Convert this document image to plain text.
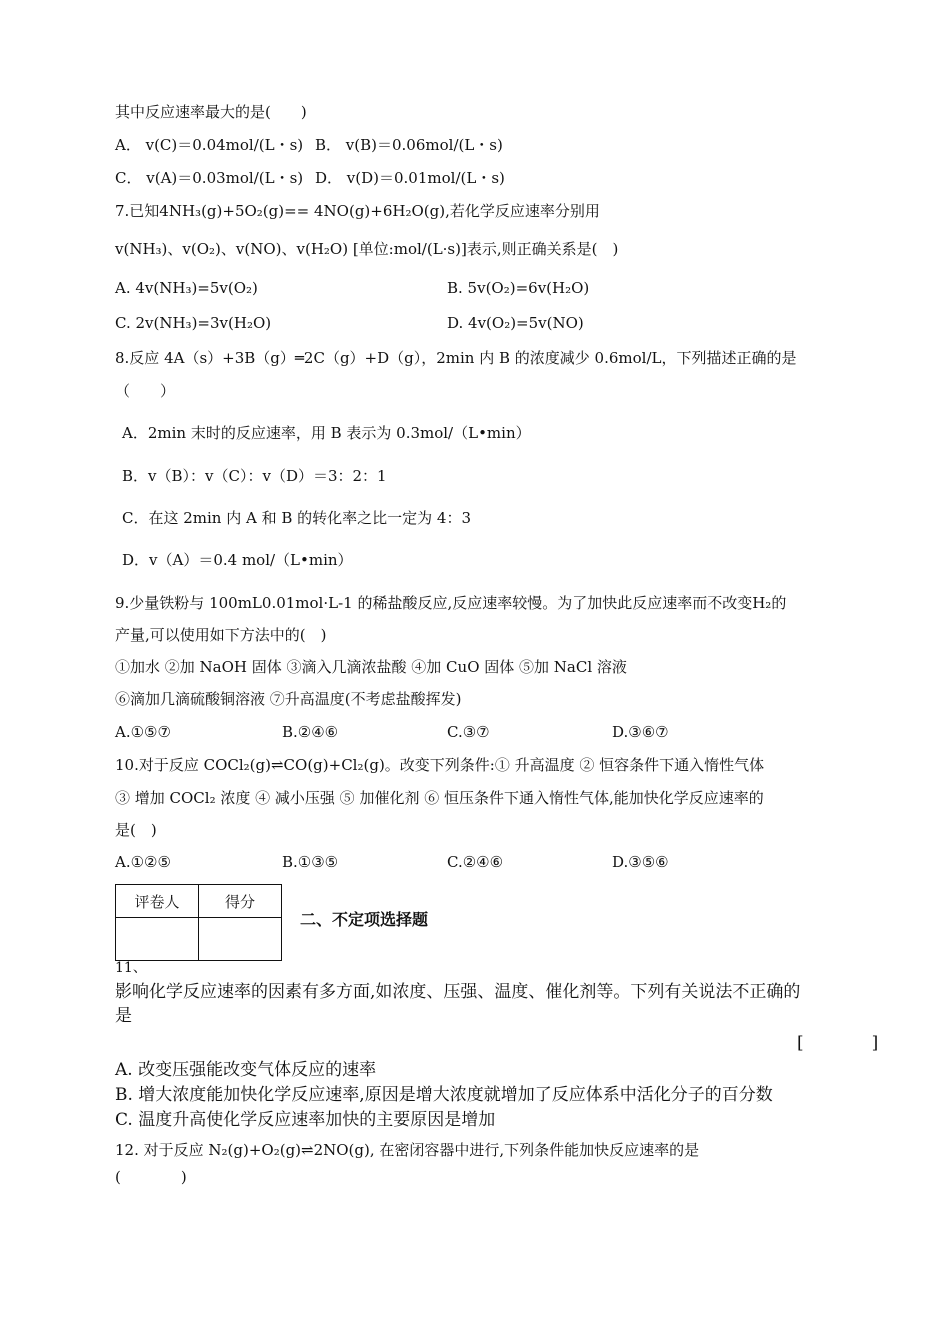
其中反应速率最大的是(　　)
A． v(C)＝0.04mol/(L・s) B． v(B)＝0.06mol/(L・s)
C． v(A)＝0.03mol/(L・s) D． v(D)＝0.01mol/(L・s)
7.已知4NH₃(g)+5O₂(g)== 4NO(g)+6H₂O(g),若化学反应速率分别用
v(NH₃)、v(O₂)、v(NO)、v(H₂O) [单位:mol/(L·s)]表示,则正确关系是(　)
A. 4v(NH₃)=5v(O₂)	B. 5v(O₂)=6v(H₂O)
C. 2v(NH₃)=3v(H₂O)	D. 4v(O₂)=5v(NO)
8.反应 4A（s）+3B（g）═2C（g）+D（g），2min 内 B 的浓度减少 0.6mol/L，下列描述正确的是
（　　）
A．2min 末时的反应速率，用 B 表示为 0.3mol/（L•min）
B．v（B）：v（C）：v（D）＝3：2：1
C．在这 2min 内 A 和 B 的转化率之比一定为 4：3
D．v（A）＝0.4 mol/（L•min）
9.少量铁粉与 100mL0.01mol·L-1 的稀盐酸反应,反应速率较慢。为了加快此反应速率而不改变H₂的
产量,可以使用如下方法中的(　)
①加水 ②加 NaOH 固体 ③滴入几滴浓盐酸 ④加 CuO 固体 ⑤加 NaCl 溶液
⑥滴加几滴硫酸铜溶液 ⑦升高温度(不考虑盐酸挥发)
A.①⑤⑦	B.②④⑥	C.③⑦	D.③⑥⑦
10.对于反应 COCl₂(g)⇌CO(g)+Cl₂(g)。改变下列条件:① 升高温度 ② 恒容条件下通入惰性气体
③ 增加 COCl₂ 浓度 ④ 减小压强 ⑤ 加催化剂 ⑥ 恒压条件下通入惰性气体,能加快化学反应速率的
是(　)
A.①②⑤	B.①③⑤	C.②④⑥	D.③⑤⑥
评卷人	得分

二、不定项选择题
11、
影响化学反应速率的因素有多方面,如浓度、压强、温度、催化剂等。下列有关说法不正确的
是
[　　　　]
A. 改变压强能改变气体反应的速率
B. 增大浓度能加快化学反应速率,原因是增大浓度就增加了反应体系中活化分子的百分数
C. 温度升高使化学反应速率加快的主要原因是增加
12. 对于反应 N₂(g)+O₂(g)⇌2NO(g), 在密闭容器中进行,下列条件能加快反应速率的是
(　　　　)
